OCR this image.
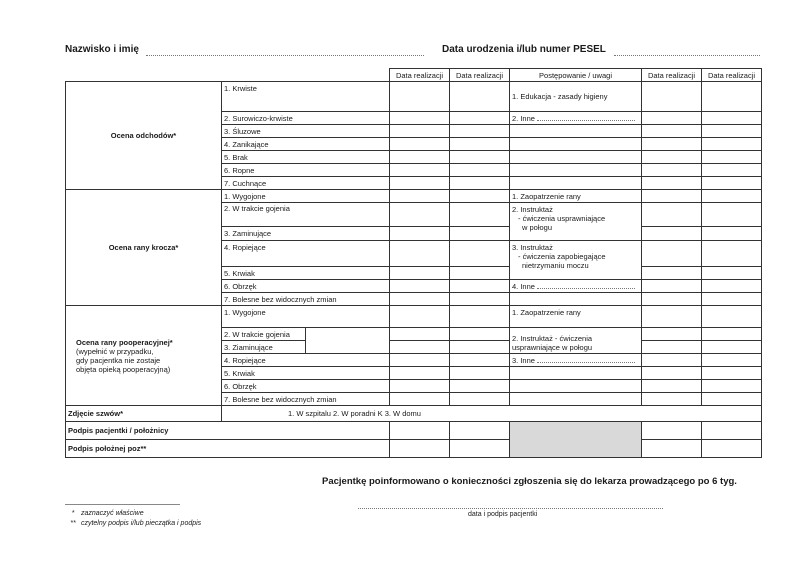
Nazwisko i imię	Data urodzenia i/lub numer PESEL
			Data realizacji	Data realizacji	Postępowanie / uwagi	Data realizacji	Data realizacji
Ocena odchodów*	1. Krwiste				1. Edukacja - zasady higieny		
	2. Surowiczo-krwiste				2. Inne		
	3. Śluzowe						
	4. Zanikające						
	5. Brak						
	6. Ropne						
	7. Cuchnące						
Ocena rany krocza*	1. Wygojone				1. Zaopatrzenie rany		
	2. W trakcie gojenia				2. Instruktaż
- ćwiczenia usprawniające
w połogu		

	3. Zaminujące						
	4. Ropiejące				3. Instruktaż
- ćwiczenia zapobiegające
nietrzymaniu moczu		

	5. Krwiak						
	6. Obrzęk				4. Inne		
	7. Bolesne bez widocznych zmian						

Ocena rany pooperacyjnej*
(wypełnić w przypadku,
gdy pacjentka nie zostaje
objęta opieką pooperacyjną)	1. Wygojone				1. Zaopatrzenie rany		
	2. W trakcie gojenia				2. Instruktaż - ćwiczenia
usprawniające w połogu		

	3. Ziaminujące						
	4. Ropiejące				3. Inne		
	5. Krwiak						
	6. Obrzęk						
	7. Bolesne bez widocznych zmian						
Zdjęcie szwów*	1. W szpitalu 2. W poradni K 3. W domu						
Podpis pacjentki / położnicy							
Podpis położnej poz**							
Pacjentkę poinformowano o konieczności zgłoszenia się do lekarza prowadzącego po 6 tyg.
* zaznaczyć właściwe
** czytelny podpis i/lub pieczątka i podpis
data i podpis pacjentki
